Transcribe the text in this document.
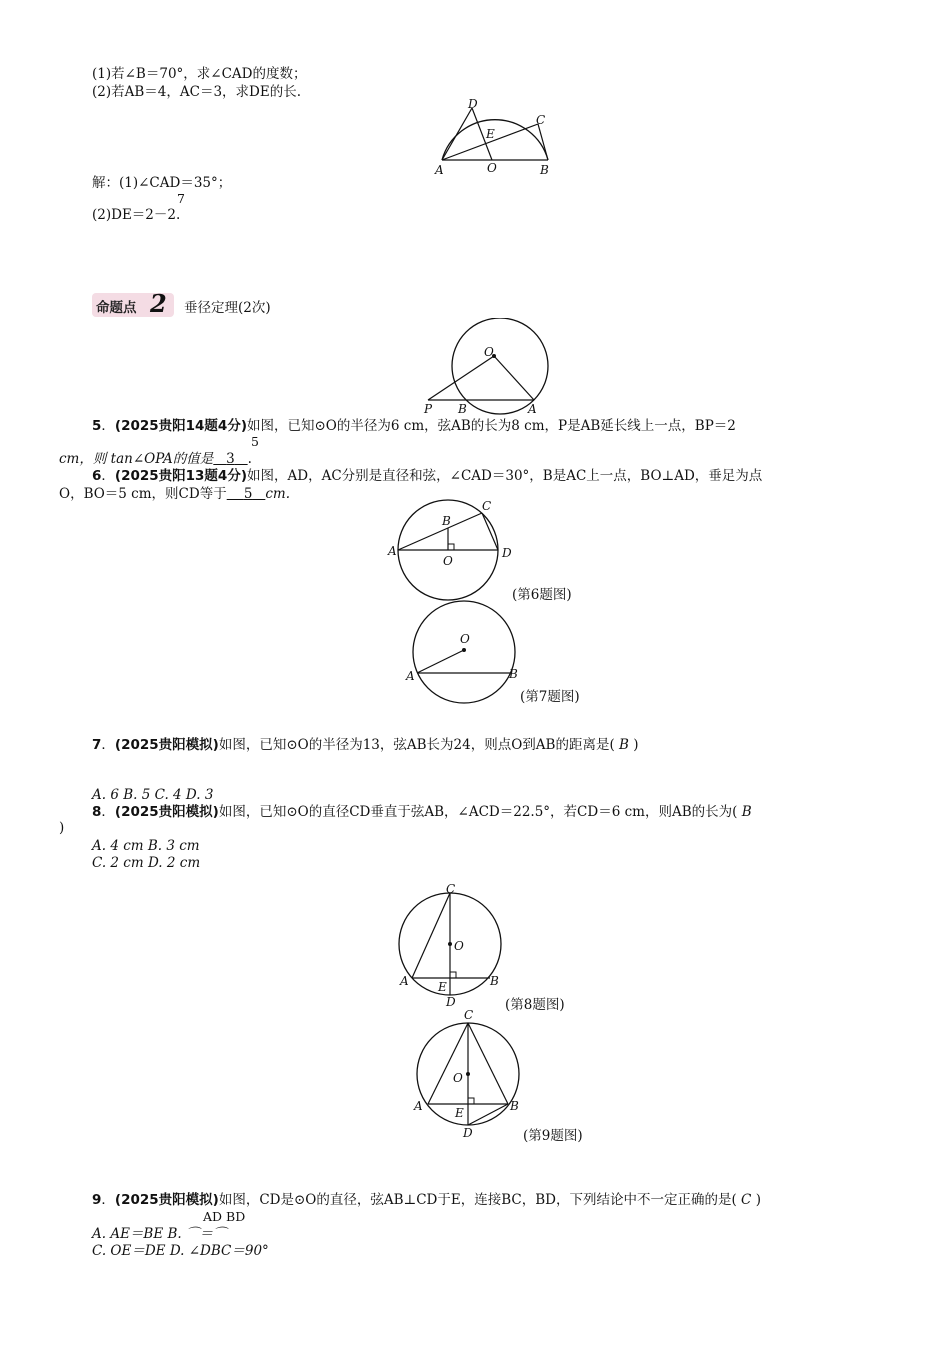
(1)若∠B＝70°，求∠CAD的度数；
(2)若AB＝4，AC＝3，求DE的长.
D
C
E
A	O	B
解：(1)∠CAD＝35°；
7
(2)DE＝2－2.
命题点 2 垂径定理(2次)
O
P B	A
5．(2025贵阳14题4分)如图，已知⊙O的半径为6 cm，弦AB的长为8 cm，P是AB延长线上一点，BP＝2
5
cm，则 tan∠OPA的值是 3 .
6．(2025贵阳13题4分)如图，AD，AC分别是直径和弦，∠CAD＝30°，B是AC上一点，BO⊥AD，垂足为点
O，BO＝5 cm，则CD等于 5 cm.
A
B
C
D
O
(第6题图)
O
A	B
(第7题图)
7．(2025贵阳模拟)如图，已知⊙O的半径为13，弦AB长为24，则点O到AB的距离是( B )
A. 6 B. 5 C. 4 D. 3
8．(2025贵阳模拟)如图，已知⊙O的直径CD垂直于弦AB，∠ACD＝22.5°，若CD＝6 cm，则AB的长为( B
)
A. 4 cm B. 3 cm
C. 2 cm D. 2 cm
C
O
A E	B
D	(第8题图)
C
O
A	E	B
D	(第9题图)
9．(2025贵阳模拟)如图，CD是⊙O的直径，弦AB⊥CD于E，连接BC，BD，下列结论中不一定正确的是( C )
AD BD
A. AE＝BE B. ⌒＝⌒
C. OE＝DE D. ∠DBC＝90°
